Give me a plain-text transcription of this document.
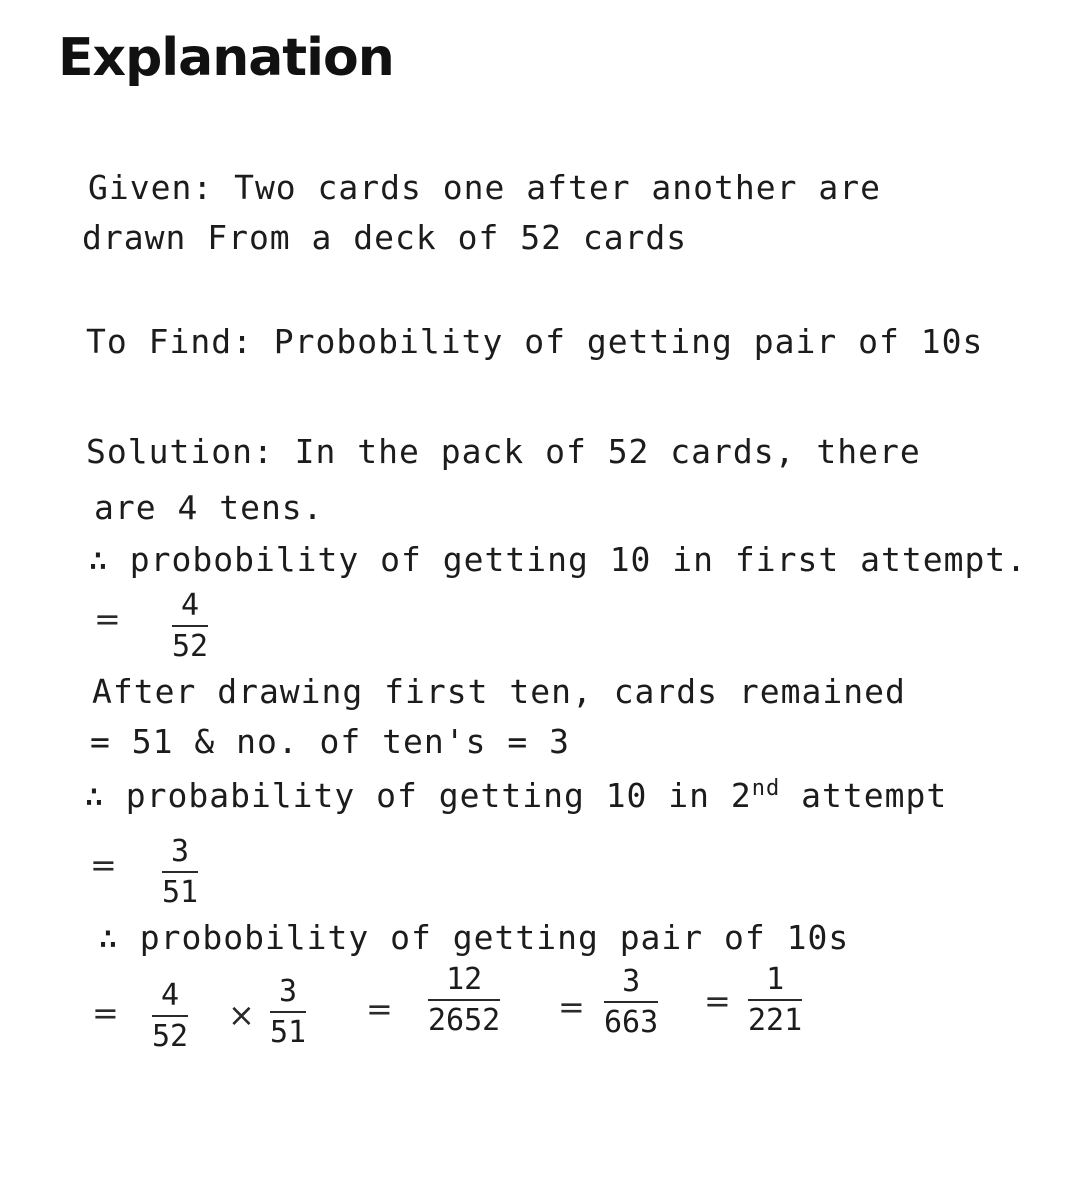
Explanation
Given: Two cards one after another are
drawn From a deck of 52 cards
To Find: Probobility of getting pair of 10s
Solution: In the pack of 52 cards, there
are 4 tens.
∴ probobility of getting 10 in first attempt.
= 4
52
After drawing first ten, cards remained
= 51 & no. of ten's = 3
∴ probability of getting 10 in 2nd attempt
= 3
51
∴ probobility of getting pair of 10s
= 4
52
×
3
51
=
12
2652 =
3
663
=
1
221
